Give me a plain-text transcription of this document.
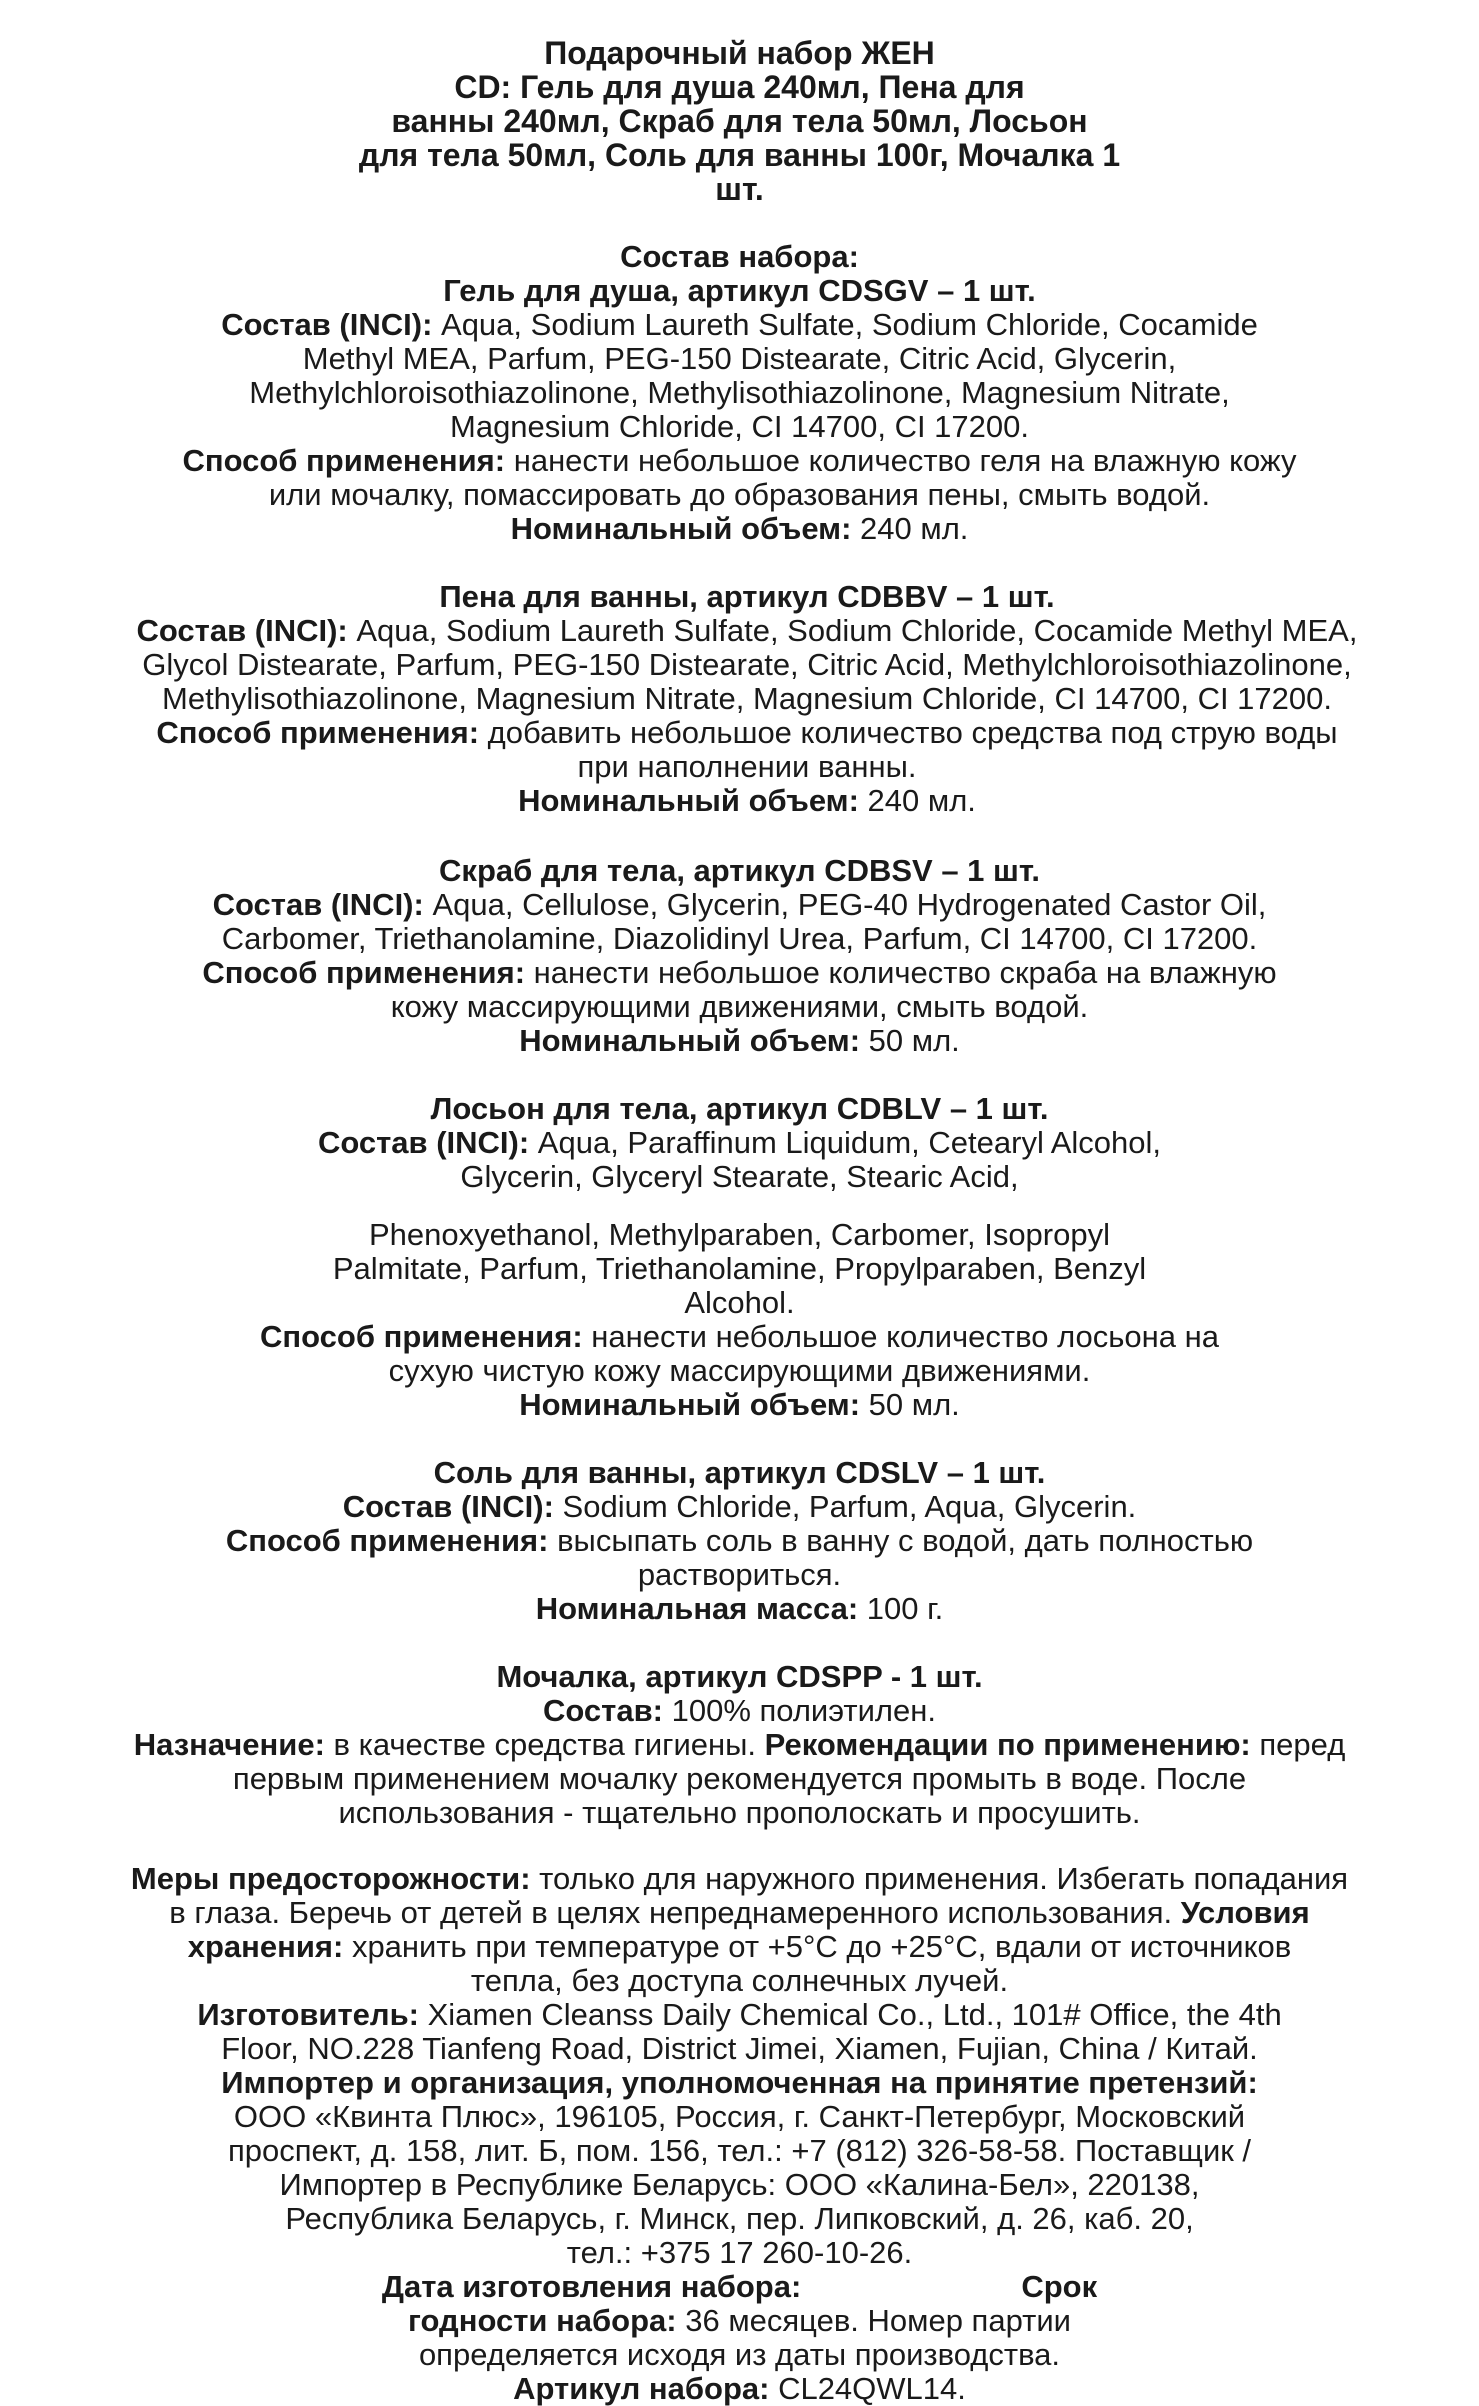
Подарочный набор ЖЕН
CD: Гель для душа 240мл, Пена для
ванны 240мл, Скраб для тела 50мл, Лосьон
для тела 50мл, Соль для ванны 100г, Мочалка 1
шт.
Состав набора:
Гель для душа, артикул CDSGV – 1 шт.
Состав (INCI): Aqua, Sodium Laureth Sulfate, Sodium Chloride, Cocamide
Methyl MEA, Parfum, PEG-150 Distearate, Citric Acid, Glycerin,
Methylchloroisothiazolinone, Methylisothiazolinone, Magnesium Nitrate,
Magnesium Chloride, CI 14700, CI 17200.
Способ применения: нанести небольшое количество геля на влажную кожу
или мочалку, помассировать до образования пены, смыть водой.
Номинальный объем: 240 мл.
Пена для ванны, артикул CDBBV – 1 шт.
Состав (INCI): Aqua, Sodium Laureth Sulfate, Sodium Chloride, Cocamide Methyl MEA,
Glycol Distearate, Parfum, PEG-150 Distearate, Citric Acid, Methylchloroisothiazolinone,
Methylisothiazolinone, Magnesium Nitrate, Magnesium Chloride, CI 14700, CI 17200.
Способ применения: добавить небольшое количество средства под струю воды
при наполнении ванны.
Номинальный объем: 240 мл.
Скраб для тела, артикул CDBSV – 1 шт.
Состав (INCI): Aqua, Cellulose, Glycerin, PEG-40 Hydrogenated Castor Oil,
Carbomer, Triethanolamine, Diazolidinyl Urea, Parfum, CI 14700, CI 17200.
Способ применения: нанести небольшое количество скраба на влажную
кожу массирующими движениями, смыть водой.
Номинальный объем: 50 мл.
Лосьон для тела, артикул CDBLV – 1 шт.
Состав (INCI): Aqua, Paraffinum Liquidum, Cetearyl Alcohol,
Glycerin, Glyceryl Stearate, Stearic Acid,
Phenoxyethanol, Methylparaben, Carbomer, Isopropyl
Palmitate, Parfum, Triethanolamine, Propylparaben, Benzyl
Alcohol.
Способ применения: нанести небольшое количество лосьона на
сухую чистую кожу массирующими движениями.
Номинальный объем: 50 мл.
Соль для ванны, артикул CDSLV – 1 шт.
Состав (INCI): Sodium Chloride, Parfum, Aqua, Glycerin.
Способ применения: высыпать соль в ванну с водой, дать полностью
раствориться.
Номинальная масса: 100 г.
Мочалка, артикул CDSPP - 1 шт.
Состав: 100% полиэтилен.
Назначение: в качестве средства гигиены. Рекомендации по применению: перед
первым применением мочалку рекомендуется промыть в воде. После
использования - тщательно прополоскать и просушить.
Меры предосторожности: только для наружного применения. Избегать попадания
в глаза. Беречь от детей в целях непреднамеренного использования. Условия
хранения: хранить при температуре от +5°С до +25°С, вдали от источников
тепла, без доступа солнечных лучей.
Изготовитель: Xiamen Cleanss Daily Chemical Co., Ltd., 101# Office, the 4th
Floor, NO.228 Tianfeng Road, District Jimei, Xiamen, Fujian, China / Китай.
Импортер и организация, уполномоченная на принятие претензий:
ООО «Квинта Плюс», 196105, Россия, г. Санкт-Петербург, Московский
проспект, д. 158, лит. Б, пом. 156, тел.: +7 (812) 326-58-58. Поставщик /
Импортер в Республике Беларусь: ООО «Калина-Бел», 220138,
Республика Беларусь, г. Минск, пер. Липковский, д. 26, каб. 20,
тел.: +375 17 260-10-26.
Дата изготовления набора:	Срок
годности набора: 36 месяцев. Номер партии
определяется исходя из даты производства.
Артикул набора: CL24QWL14.
